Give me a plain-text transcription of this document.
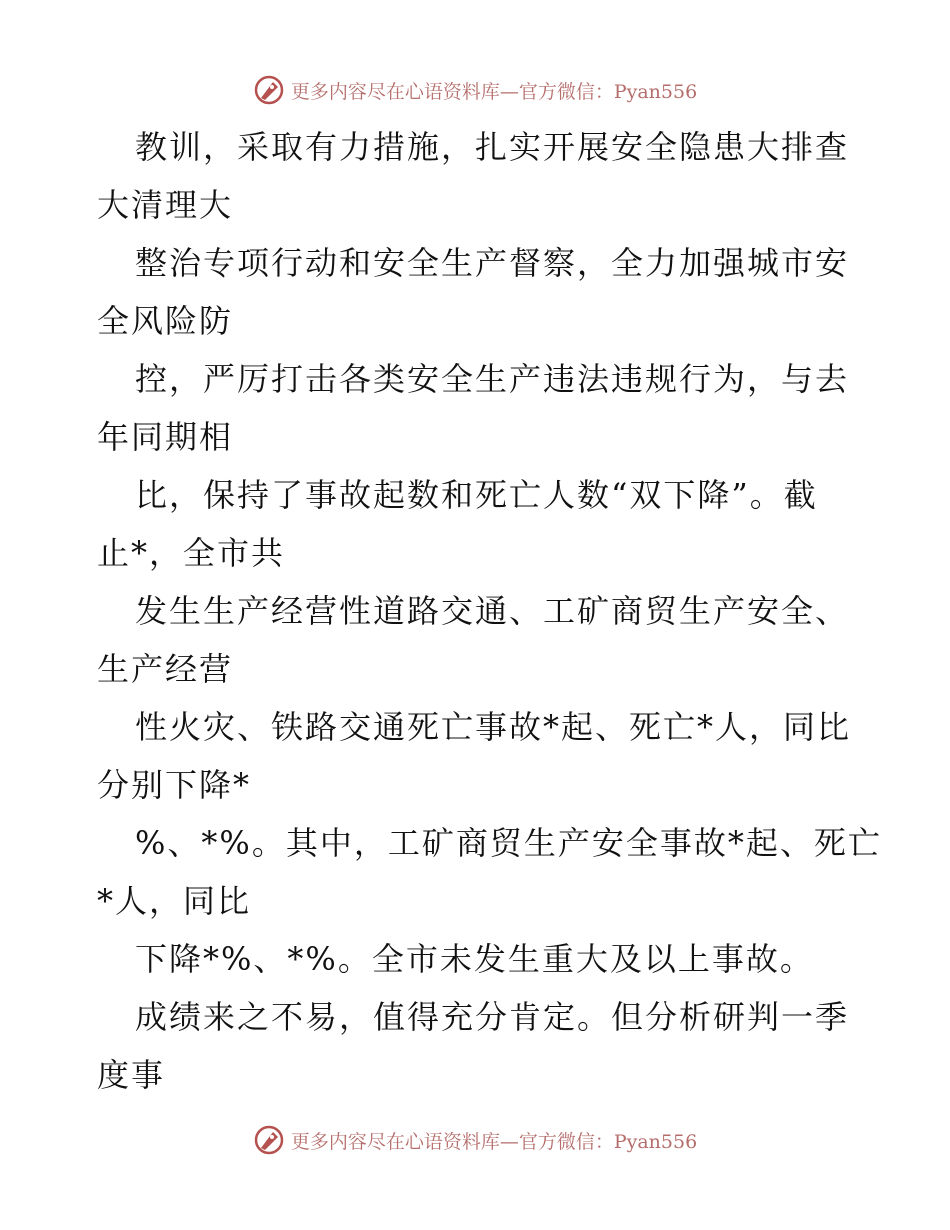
更多内容尽在心语资料库—官方微信：Pyan556
教训，采取有力措施，扎实开展安全隐患大排查
大清理大
整治专项行动和安全生产督察，全力加强城市安
全风险防
控，严厉打击各类安全生产违法违规行为，与去
年同期相
比，保持了事故起数和死亡人数“双下降”。截
止*，全市共
发生生产经营性道路交通、工矿商贸生产安全、
生产经营
性火灾、铁路交通死亡事故*起、死亡*人，同比
分别下降*
%、*%。其中，工矿商贸生产安全事故*起、死亡
*人，同比
下降*%、*%。全市未发生重大及以上事故。
成绩来之不易，值得充分肯定。但分析研判一季
度事
更多内容尽在心语资料库—官方微信：Pyan556
